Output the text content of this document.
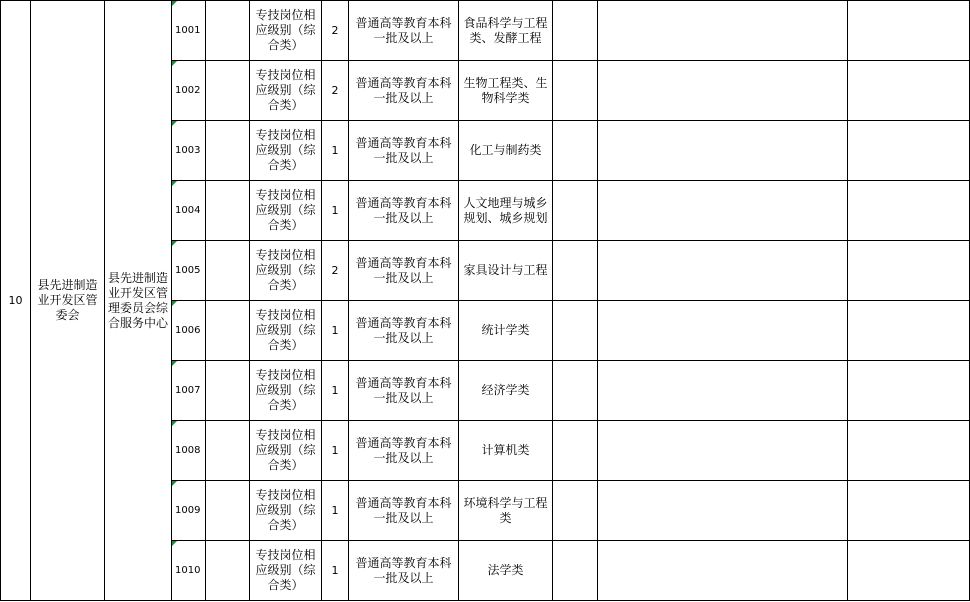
10	县先进制造业开发区管委会	县先进制造业开发区管理委员会综合服务中心	1001		专技岗位相应级别（综合类）	2	普通高等教育本科一批及以上	食品科学与工程类、发酵工程			

1002		专技岗位相应级别（综合类）	2	普通高等教育本科一批及以上	生物工程类、生物科学类			

1003		专技岗位相应级别（综合类）	1	普通高等教育本科一批及以上	化工与制药类			

1004		专技岗位相应级别（综合类）	1	普通高等教育本科一批及以上	人文地理与城乡规划、城乡规划			

1005		专技岗位相应级别（综合类）	2	普通高等教育本科一批及以上	家具设计与工程			

1006		专技岗位相应级别（综合类）	1	普通高等教育本科一批及以上	统计学类			

1007		专技岗位相应级别（综合类）	1	普通高等教育本科一批及以上	经济学类			

1008		专技岗位相应级别（综合类）	1	普通高等教育本科一批及以上	计算机类			

1009		专技岗位相应级别（综合类）	1	普通高等教育本科一批及以上	环境科学与工程类			

1010		专技岗位相应级别（综合类）	1	普通高等教育本科一批及以上	法学类			
